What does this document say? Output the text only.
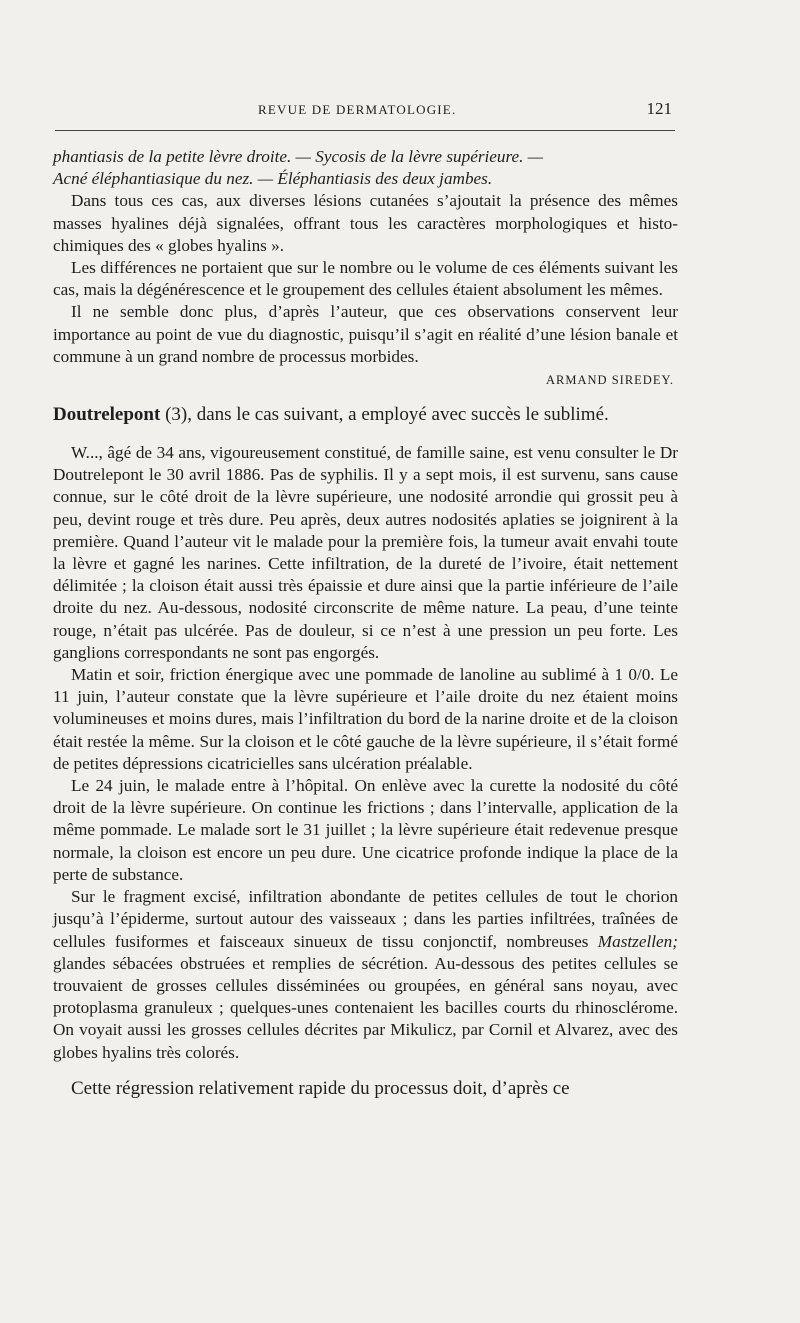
REVUE DE DERMATOLOGIE.	121

phantiasis de la petite lèvre droite. — Sycosis de la lèvre supérieure. —

Acné éléphantiasique du nez. — Éléphantiasis des deux jambes.

Dans tous ces cas, aux diverses lésions cutanées s’ajoutait la présence des mêmes masses hyalines déjà signalées, offrant tous les caractères morphologiques et histo-chimiques des « globes hyalins ».

Les différences ne portaient que sur le nombre ou le volume de ces éléments suivant les cas, mais la dégénérescence et le groupement des cellules étaient absolument les mêmes.

Il ne semble donc plus, d’après l’auteur, que ces observations conservent leur importance au point de vue du diagnostic, puisqu’il s’agit en réalité d’une lésion banale et commune à un grand nombre de processus morbides.

ARMAND SIREDEY.

Doutrelepont (3), dans le cas suivant, a employé avec succès le sublimé.

W..., âgé de 34 ans, vigoureusement constitué, de famille saine, est venu consulter le Dr Doutrelepont le 30 avril 1886. Pas de syphilis. Il y a sept mois, il est survenu, sans cause connue, sur le côté droit de la lèvre supérieure, une nodosité arrondie qui grossit peu à peu, devint rouge et très dure. Peu après, deux autres nodosités aplaties se joignirent à la première. Quand l’auteur vit le malade pour la première fois, la tumeur avait envahi toute la lèvre et gagné les narines. Cette infiltration, de la dureté de l’ivoire, était nettement délimitée ; la cloison était aussi très épaissie et dure ainsi que la partie inférieure de l’aile droite du nez. Au-dessous, nodosité circonscrite de même nature. La peau, d’une teinte rouge, n’était pas ulcérée. Pas de douleur, si ce n’est à une pression un peu forte. Les ganglions correspondants ne sont pas engorgés.

Matin et soir, friction énergique avec une pommade de lanoline au sublimé à 1 0/0. Le 11 juin, l’auteur constate que la lèvre supérieure et l’aile droite du nez étaient moins volumineuses et moins dures, mais l’infiltration du bord de la narine droite et de la cloison était restée la même. Sur la cloison et le côté gauche de la lèvre supérieure, il s’était formé de petites dépressions cicatricielles sans ulcération préalable.

Le 24 juin, le malade entre à l’hôpital. On enlève avec la curette la nodosité du côté droit de la lèvre supérieure. On continue les frictions ; dans l’intervalle, application de la même pommade. Le malade sort le 31 juillet ; la lèvre supérieure était redevenue presque normale, la cloison est encore un peu dure. Une cicatrice profonde indique la place de la perte de substance.

Sur le fragment excisé, infiltration abondante de petites cellules de tout le chorion jusqu’à l’épiderme, surtout autour des vaisseaux ; dans les parties infiltrées, traînées de cellules fusiformes et faisceaux sinueux de tissu conjonctif, nombreuses Mastzellen; glandes sébacées obstruées et remplies de sécrétion. Au-dessous des petites cellules se trouvaient de grosses cellules disséminées ou groupées, en général sans noyau, avec protoplasma granuleux ; quelques-unes contenaient les bacilles courts du rhinosclérome. On voyait aussi les grosses cellules décrites par Mikulicz, par Cornil et Alvarez, avec des globes hyalins très colorés.

Cette régression relativement rapide du processus doit, d’après ce
